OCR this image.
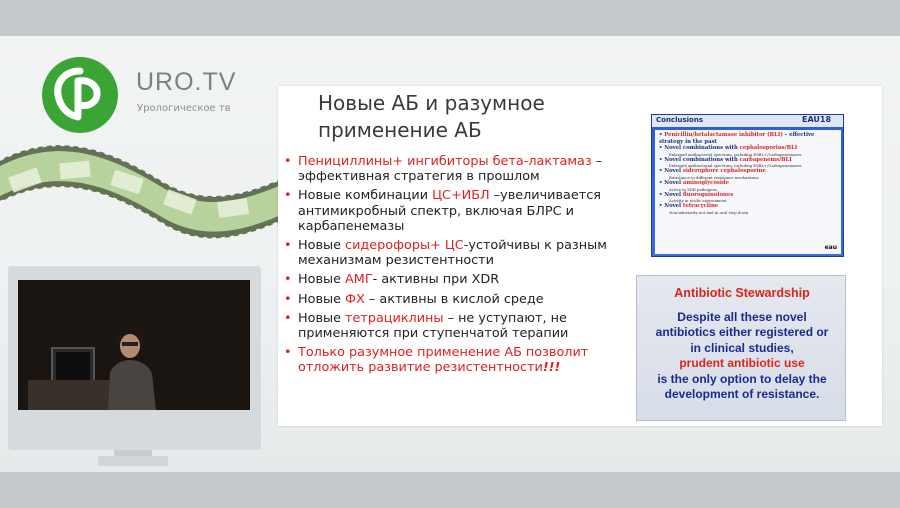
URO.TV
Урологическое тв	Новые АБ и разумное
применение АБ
• Пенициллины+ ингибиторы бета-лактамаз – эффективная стратегия в прошлом
• Новые комбинации ЦС+ИБЛ –увеличивается антимикробный спектр, включая БЛРС и карбапенемазы
• Новые сидерофоры+ ЦС-устойчивы к разным механизмам резистентности
• Новые АМГ- активны при XDR
• Новые ФХ – активны в кислой среде
• Новые тетрациклины – не уступают, не применяются при ступенчатой терапии
• Только разумное применение АБ позволит отложить развитие резистентности!!!
Conclusions	EAU18
• Penicillin/betalactamase inhibitor (BLI) – effective strategy in the past
• Novel combinations with cephalosporins/BLI
Enlarged antibacterial spectrum, including ESBL+/Carbapenemases
• Novel combinations with carbapenems/BLI
Enlarged antibacterial spectrum, including ESBL+/Carbapenemases
• Novel siderophore cephalosporine
Resistance to different resistance mechanisms
• Novel aminoglycoside
Active in XDR pathogens
• Novel fluoroquinolones
Activity in acidic environment
• Novel tetracycline
Non-inferiority not met in oral step down
eau
Antibiotic Stewardship
Despite all these novel
antibiotics either registered or
in clinical studies,
prudent antibiotic use
is the only option to delay the
development of resistance.
